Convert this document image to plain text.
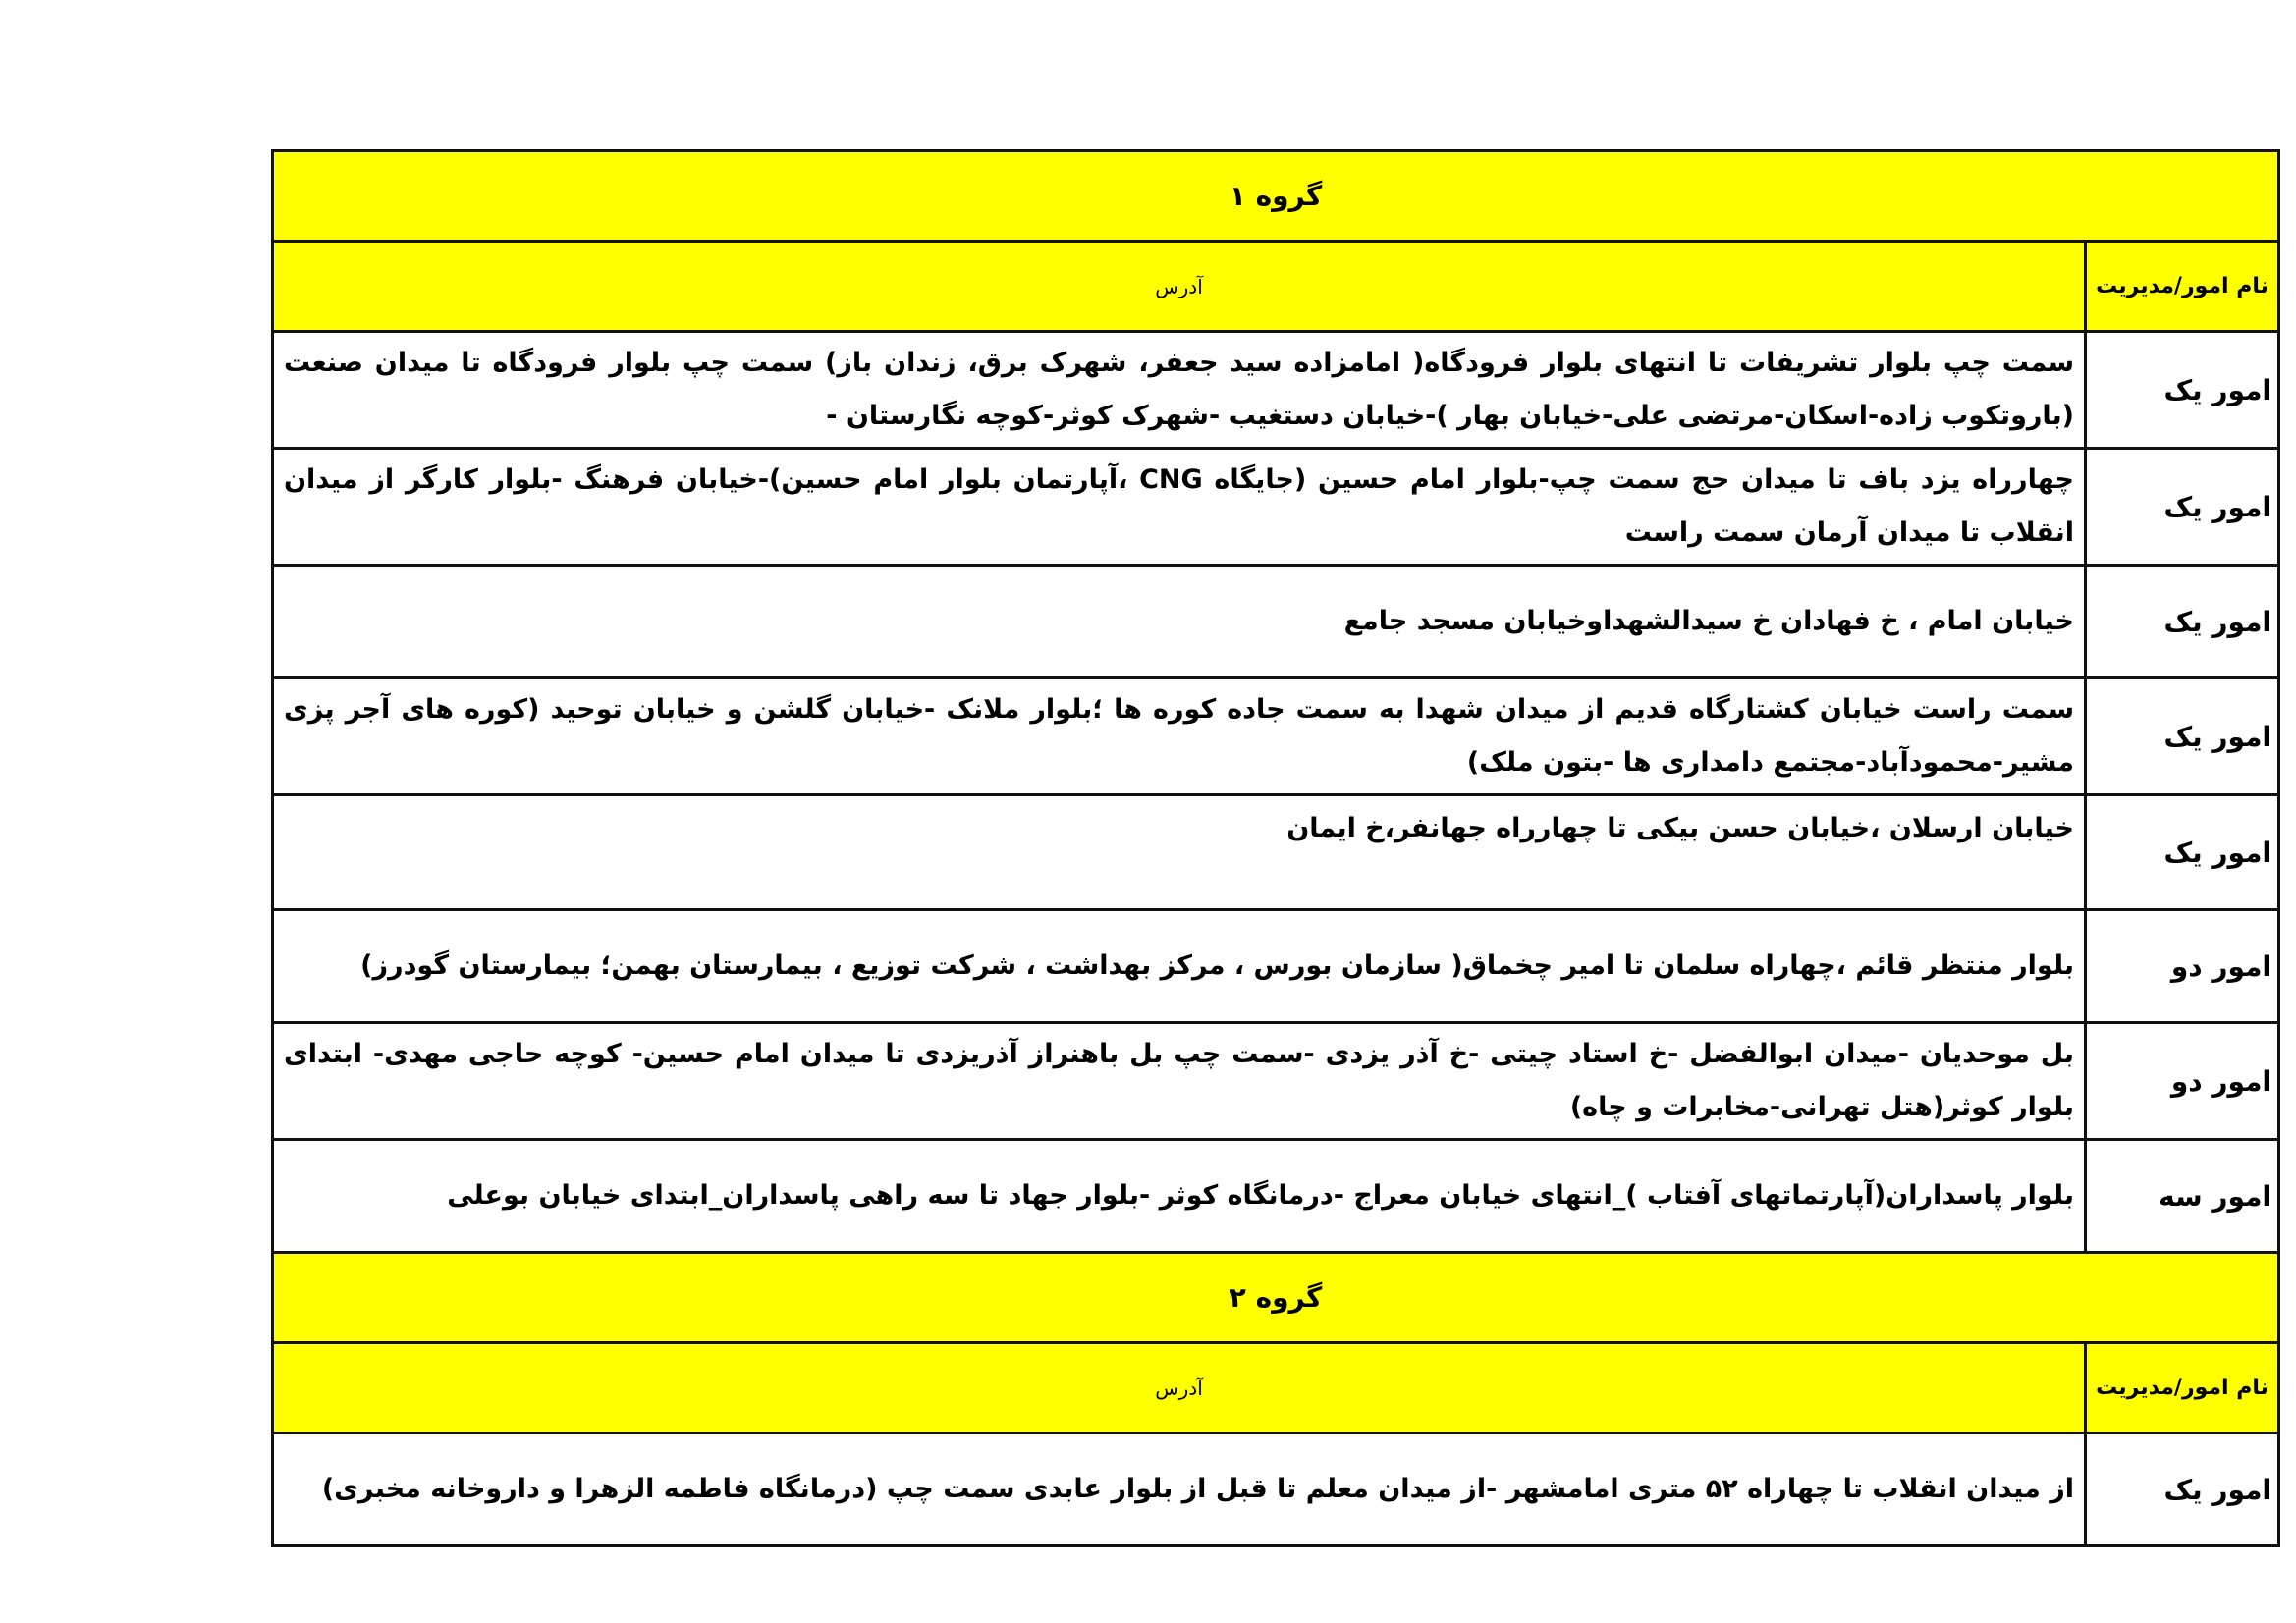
گروه ۱	
نام امور/مدیریت	آدرس
امور یک	سمت چپ بلوار تشریفات تا انتهای بلوار فرودگاه( امامزاده سید جعفر، شهرک برق، زندان باز) سمت چپ بلوار فرودگاه تا میدان صنعت (باروتکوب زاده-اسکان-مرتضی علی-خیابان بهار )-خیابان دستغیب -شهرک کوثر-کوچه نگارستان -

امور یک	چهارراه یزد باف تا میدان حج سمت چپ-بلوار امام حسین (جایگاه CNG ،آپارتمان بلوار امام حسین)-خیابان فرهنگ -بلوار کارگر از میدان انقلاب تا میدان آرمان سمت راست

امور یک	خیابان امام ، خ فهادان خ سیدالشهداوخیابان مسجد جامع

امور یک	سمت راست خیابان کشتارگاه قدیم از میدان شهدا به سمت جاده کوره ها ؛بلوار ملانک -خیابان گلشن و خیابان توحید (کوره های آجر پزی مشیر-محمودآباد-مجتمع دامداری ها -بتون ملک)

امور یک	خیابان ارسلان ،خیابان حسن بیکی تا چهارراه جهانفر،خ ایمان

امور دو	بلوار منتظر قائم ،چهاراه سلمان تا امیر چخماق( سازمان بورس ، مرکز بهداشت ، شرکت توزیع ، بیمارستان بهمن؛ بیمارستان گودرز)

امور دو	بل موحدیان -میدان ابوالفضل -خ استاد چیتی -خ آذر یزدی -سمت چپ بل باهنراز آذریزدی تا میدان امام حسین- کوچه حاجی مهدی- ابتدای بلوار کوثر(هتل تهرانی-مخابرات و چاه)

امور سه	بلوار پاسداران(آپارتماتهای آفتاب )_انتهای خیابان معراج -درمانگاه کوثر -بلوار جهاد تا سه راهی پاسداران_ابتدای خیابان بوعلی

گروه ۲	
نام امور/مدیریت	آدرس
امور یک	از میدان انقلاب تا چهاراه ۵۲ متری امامشهر -از میدان معلم تا قبل از بلوار عابدی سمت چپ (درمانگاه فاطمه الزهرا و داروخانه مخبری)
